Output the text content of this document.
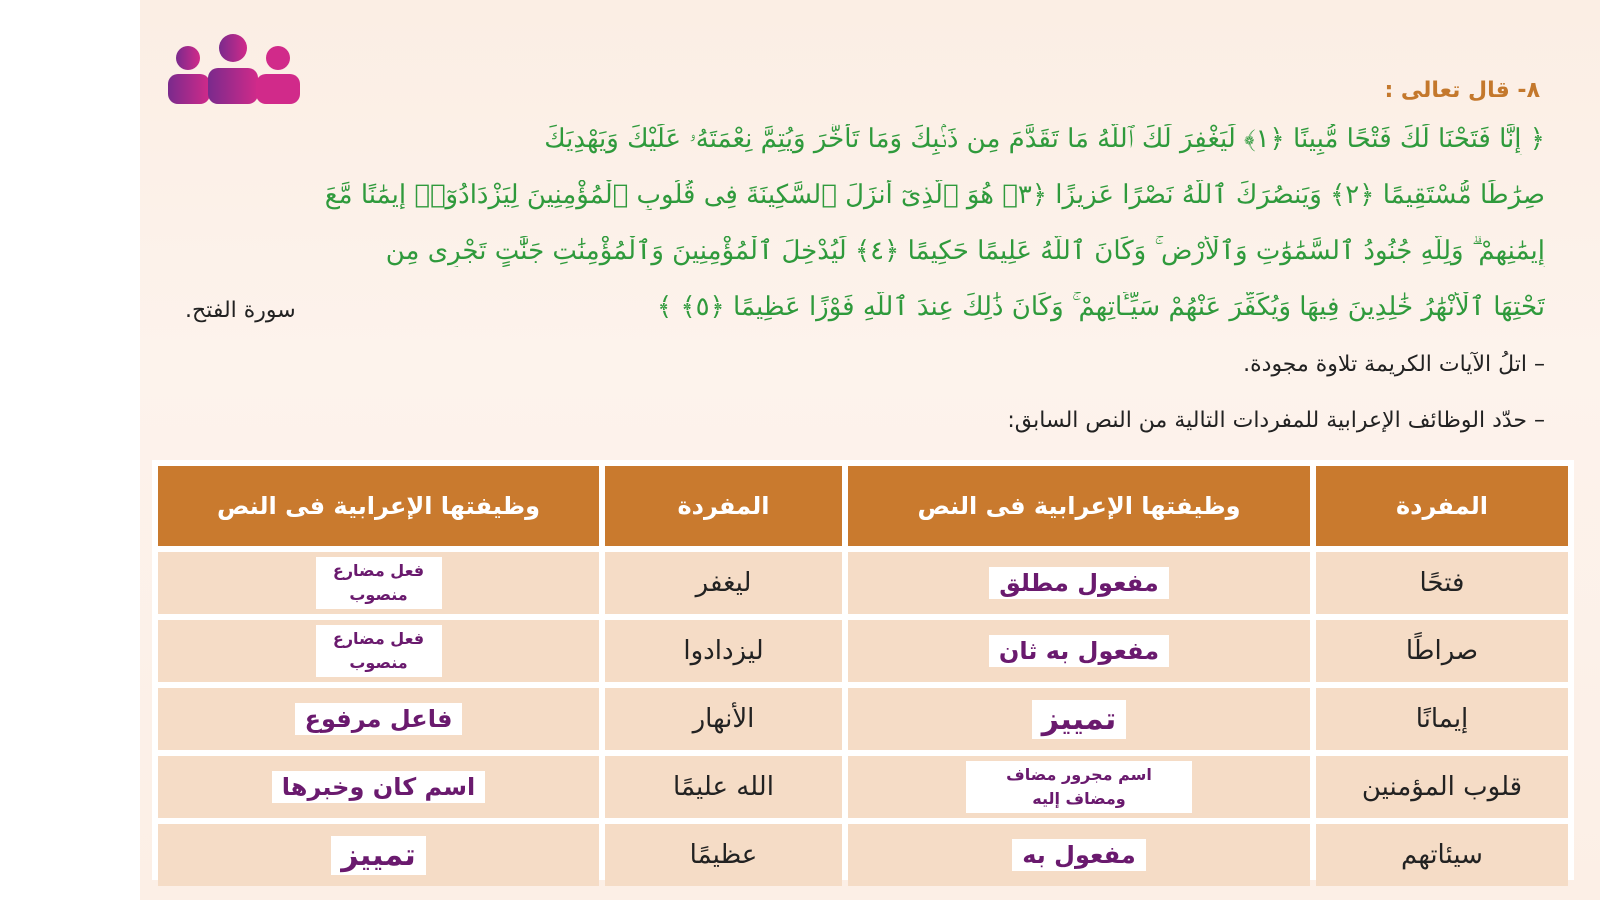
٨- قال تعالى :
﴿ إِنَّا فَتَحْنَا لَكَ فَتْحًا مُّبِينًا ﴿١﴾ لِّيَغْفِرَ لَكَ ٱللَّهُ مَا تَقَدَّمَ مِن ذَنۢبِكَ وَمَا تَأَخَّرَ وَيُتِمَّ نِعْمَتَهُۥ عَلَيْكَ وَيَهْدِيَكَ
صِرَٰطًا مُّسْتَقِيمًا ﴿٢﴾ وَيَنصُرَكَ ٱللَّهُ نَصْرًا عَزِيزًا ﴿٣﴾ هُوَ ٱلَّذِىٓ أَنزَلَ ٱلسَّكِينَةَ فِى قُلُوبِ ٱلْمُؤْمِنِينَ لِيَزْدَادُوٓا۟ إِيمَٰنًا مَّعَ
إِيمَٰنِهِمْ ۗ وَلِلَّهِ جُنُودُ ٱلسَّمَٰوَٰتِ وَٱلْأَرْضِ ۚ وَكَانَ ٱللَّهُ عَلِيمًا حَكِيمًا ﴿٤﴾ لِّيُدْخِلَ ٱلْمُؤْمِنِينَ وَٱلْمُؤْمِنَٰتِ جَنَّٰتٍ تَجْرِى مِن
تَحْتِهَا ٱلْأَنْهَٰرُ خَٰلِدِينَ فِيهَا وَيُكَفِّرَ عَنْهُمْ سَيِّـَٔاتِهِمْ ۚ وَكَانَ ذَٰلِكَ عِندَ ٱللَّهِ فَوْزًا عَظِيمًا ﴿٥﴾ ﴾
سورة الفتح.
– اتلُ الآيات الكريمة تلاوة مجودة.
– حدّد الوظائف الإعرابية للمفردات التالية من النص السابق:
المفردة	وظيفتها الإعرابية فى النص	المفردة	وظيفتها الإعرابية فى النص
فتحًا	مفعول مطلق	ليغفر	فعل مضارع منصوب
صراطًا	مفعول به ثان	ليزدادوا	فعل مضارع منصوب
إيمانًا	تمييز	الأنهار	فاعل مرفوع
قلوب المؤمنين	اسم مجرور مضاف ومضاف إليه	الله عليمًا	اسم كان وخبرها
سيئاتهم	مفعول به	عظيمًا	تمييز
